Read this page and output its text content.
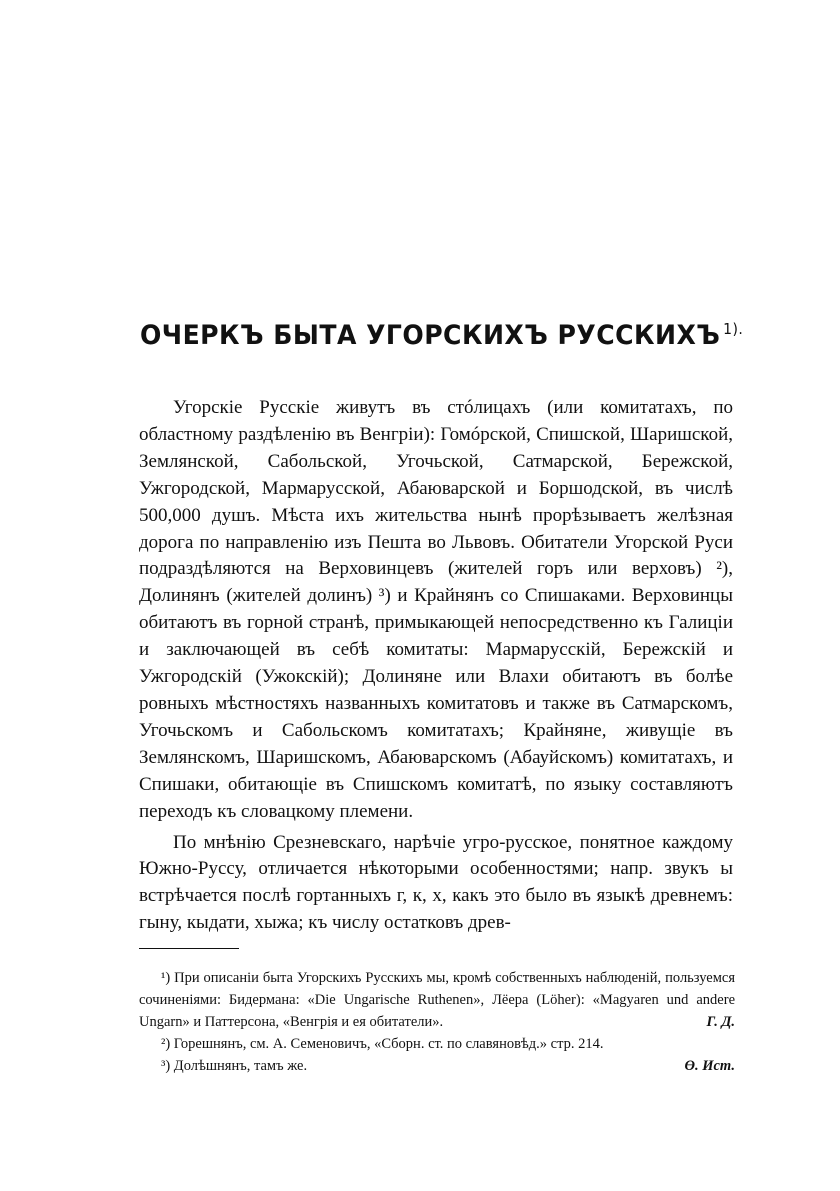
ОЧЕРКЪ БЫТА УГОРСКИХЪ РУССКИХЪ $^{1).}$

Угорскіе Русскіе живутъ въ стóлицахъ (или комитатахъ, по областному раздѣленію въ Венгріи): Гомóрской, Спишской, Шаришской, Землянской, Сабольской, Угочьской, Сатмарской, Бережской, Ужгородской, Мармарусской, Абаюварской и Боршодской, въ числѣ 500,000 душъ. Мѣста ихъ жительства нынѣ прорѣзываетъ желѣзная дорога по направленію изъ Пешта во Львовъ. Обитатели Угорской Руси подраздѣляются на Верховинцевъ (жителей горъ или верховъ) ²), Долинянъ (жителей долинъ) ³) и Крайнянъ со Спишаками. Верховинцы обитаютъ въ горной странѣ, примыкающей непосредственно къ Галиціи и заключающей въ себѣ комитаты: Мармарусскій, Бережскій и Ужгородскій (Ужокскій); Долиняне или Влахи обитаютъ въ болѣе ровныхъ мѣстностяхъ названныхъ комитатовъ и также въ Сатмарскомъ, Угочьскомъ и Сабольскомъ комитатахъ; Крайняне, живущіе въ Землянскомъ, Шаришскомъ, Абаюварскомъ (Абауйскомъ) комитатахъ, и Спишаки, обитающіе въ Спишскомъ комитатѣ, по языку составляютъ переходъ къ словацкому племени.

По мнѣнію Срезневскаго, нарѣчіе угро-русское, понятное каждому Южно-Руссу, отличается нѣкоторыми особенностями; напр. звукъ ы встрѣчается послѣ гортанныхъ г, к, х, какъ это было въ языкѣ древнемъ: гыну, кыдати, хыжа; къ числу остатковъ древ-

¹) При описаніи быта Угорскихъ Русскихъ мы, кромѣ собственныхъ наблюденій, пользуемся сочиненіями: Бидермана: «Die Ungarische Ruthenen», Лёера (Löher): «Magyaren und andere Ungarn» и Паттерсона, «Венгрія и ея обитатели».	Г. Д.

²) Горешнянъ, см. А. Семеновичъ, «Сборн. ст. по славяновѣд.» стр. 214.

³) Долѣшнянъ, тамъ же.	Ө. Ист.
